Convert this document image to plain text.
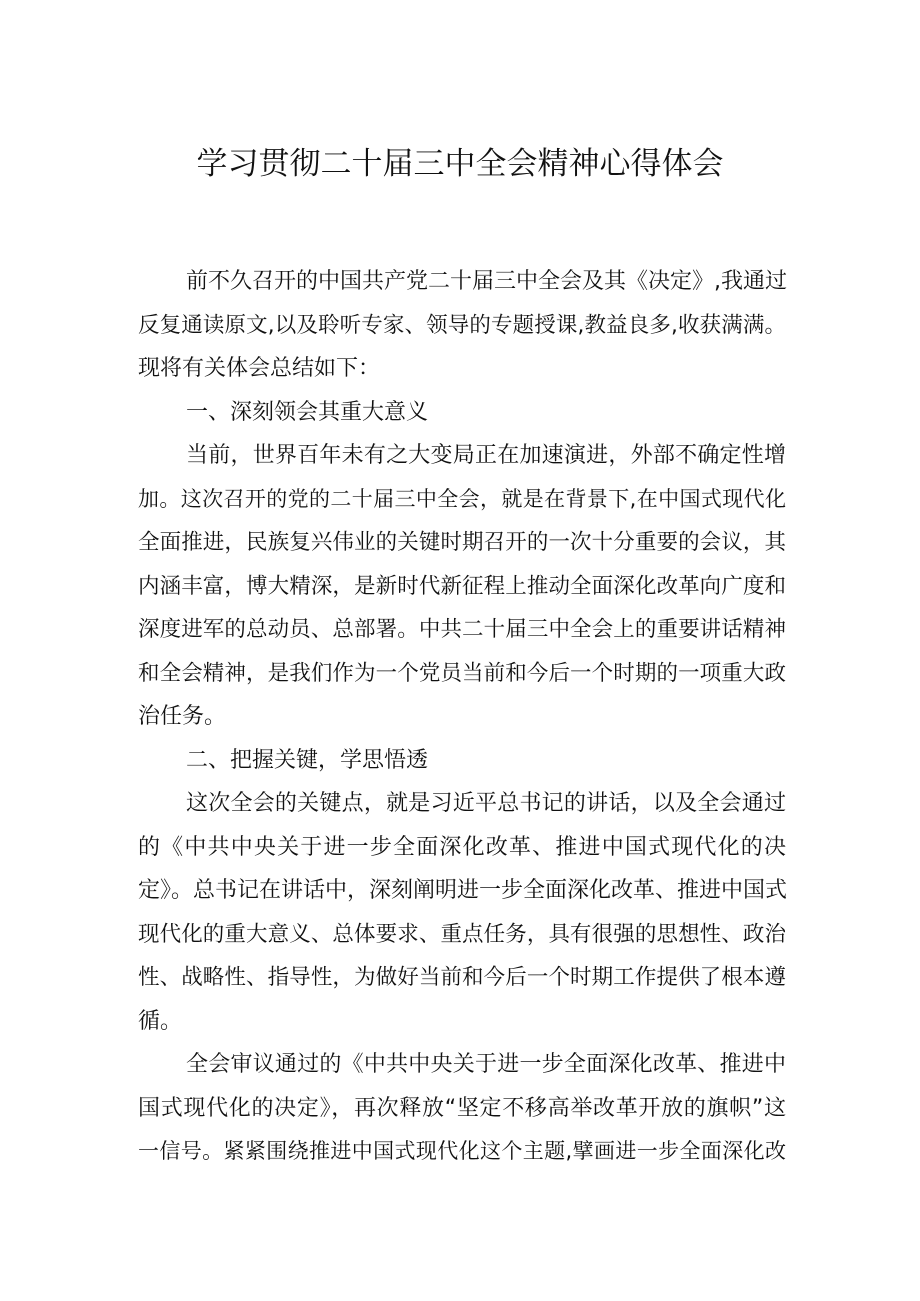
学习贯彻二十届三中全会精神心得体会
前不久召开的中国共产党二十届三中全会及其《决定》,我通过
反复通读原文,以及聆听专家、领导的专题授课,教益良多,收获满满。
现将有关体会总结如下：
一、深刻领会其重大意义
当前，世界百年未有之大变局正在加速演进，外部不确定性增
加。这次召开的党的二十届三中全会，就是在背景下,在中国式现代化
全面推进，民族复兴伟业的关键时期召开的一次十分重要的会议，其
内涵丰富，博大精深，是新时代新征程上推动全面深化改革向广度和
深度进军的总动员、总部署。中共二十届三中全会上的重要讲话精神
和全会精神，是我们作为一个党员当前和今后一个时期的一项重大政
治任务。
二、把握关键，学思悟透
这次全会的关键点，就是习近平总书记的讲话，以及全会通过
的《中共中央关于进一步全面深化改革、推进中国式现代化的决
定》。总书记在讲话中，深刻阐明进一步全面深化改革、推进中国式
现代化的重大意义、总体要求、重点任务，具有很强的思想性、政治
性、战略性、指导性，为做好当前和今后一个时期工作提供了根本遵
循。
全会审议通过的《中共中央关于进一步全面深化改革、推进中
国式现代化的决定》，再次释放“坚定不移高举改革开放的旗帜”这
一信号。紧紧围绕推进中国式现代化这个主题,擘画进一步全面深化改
